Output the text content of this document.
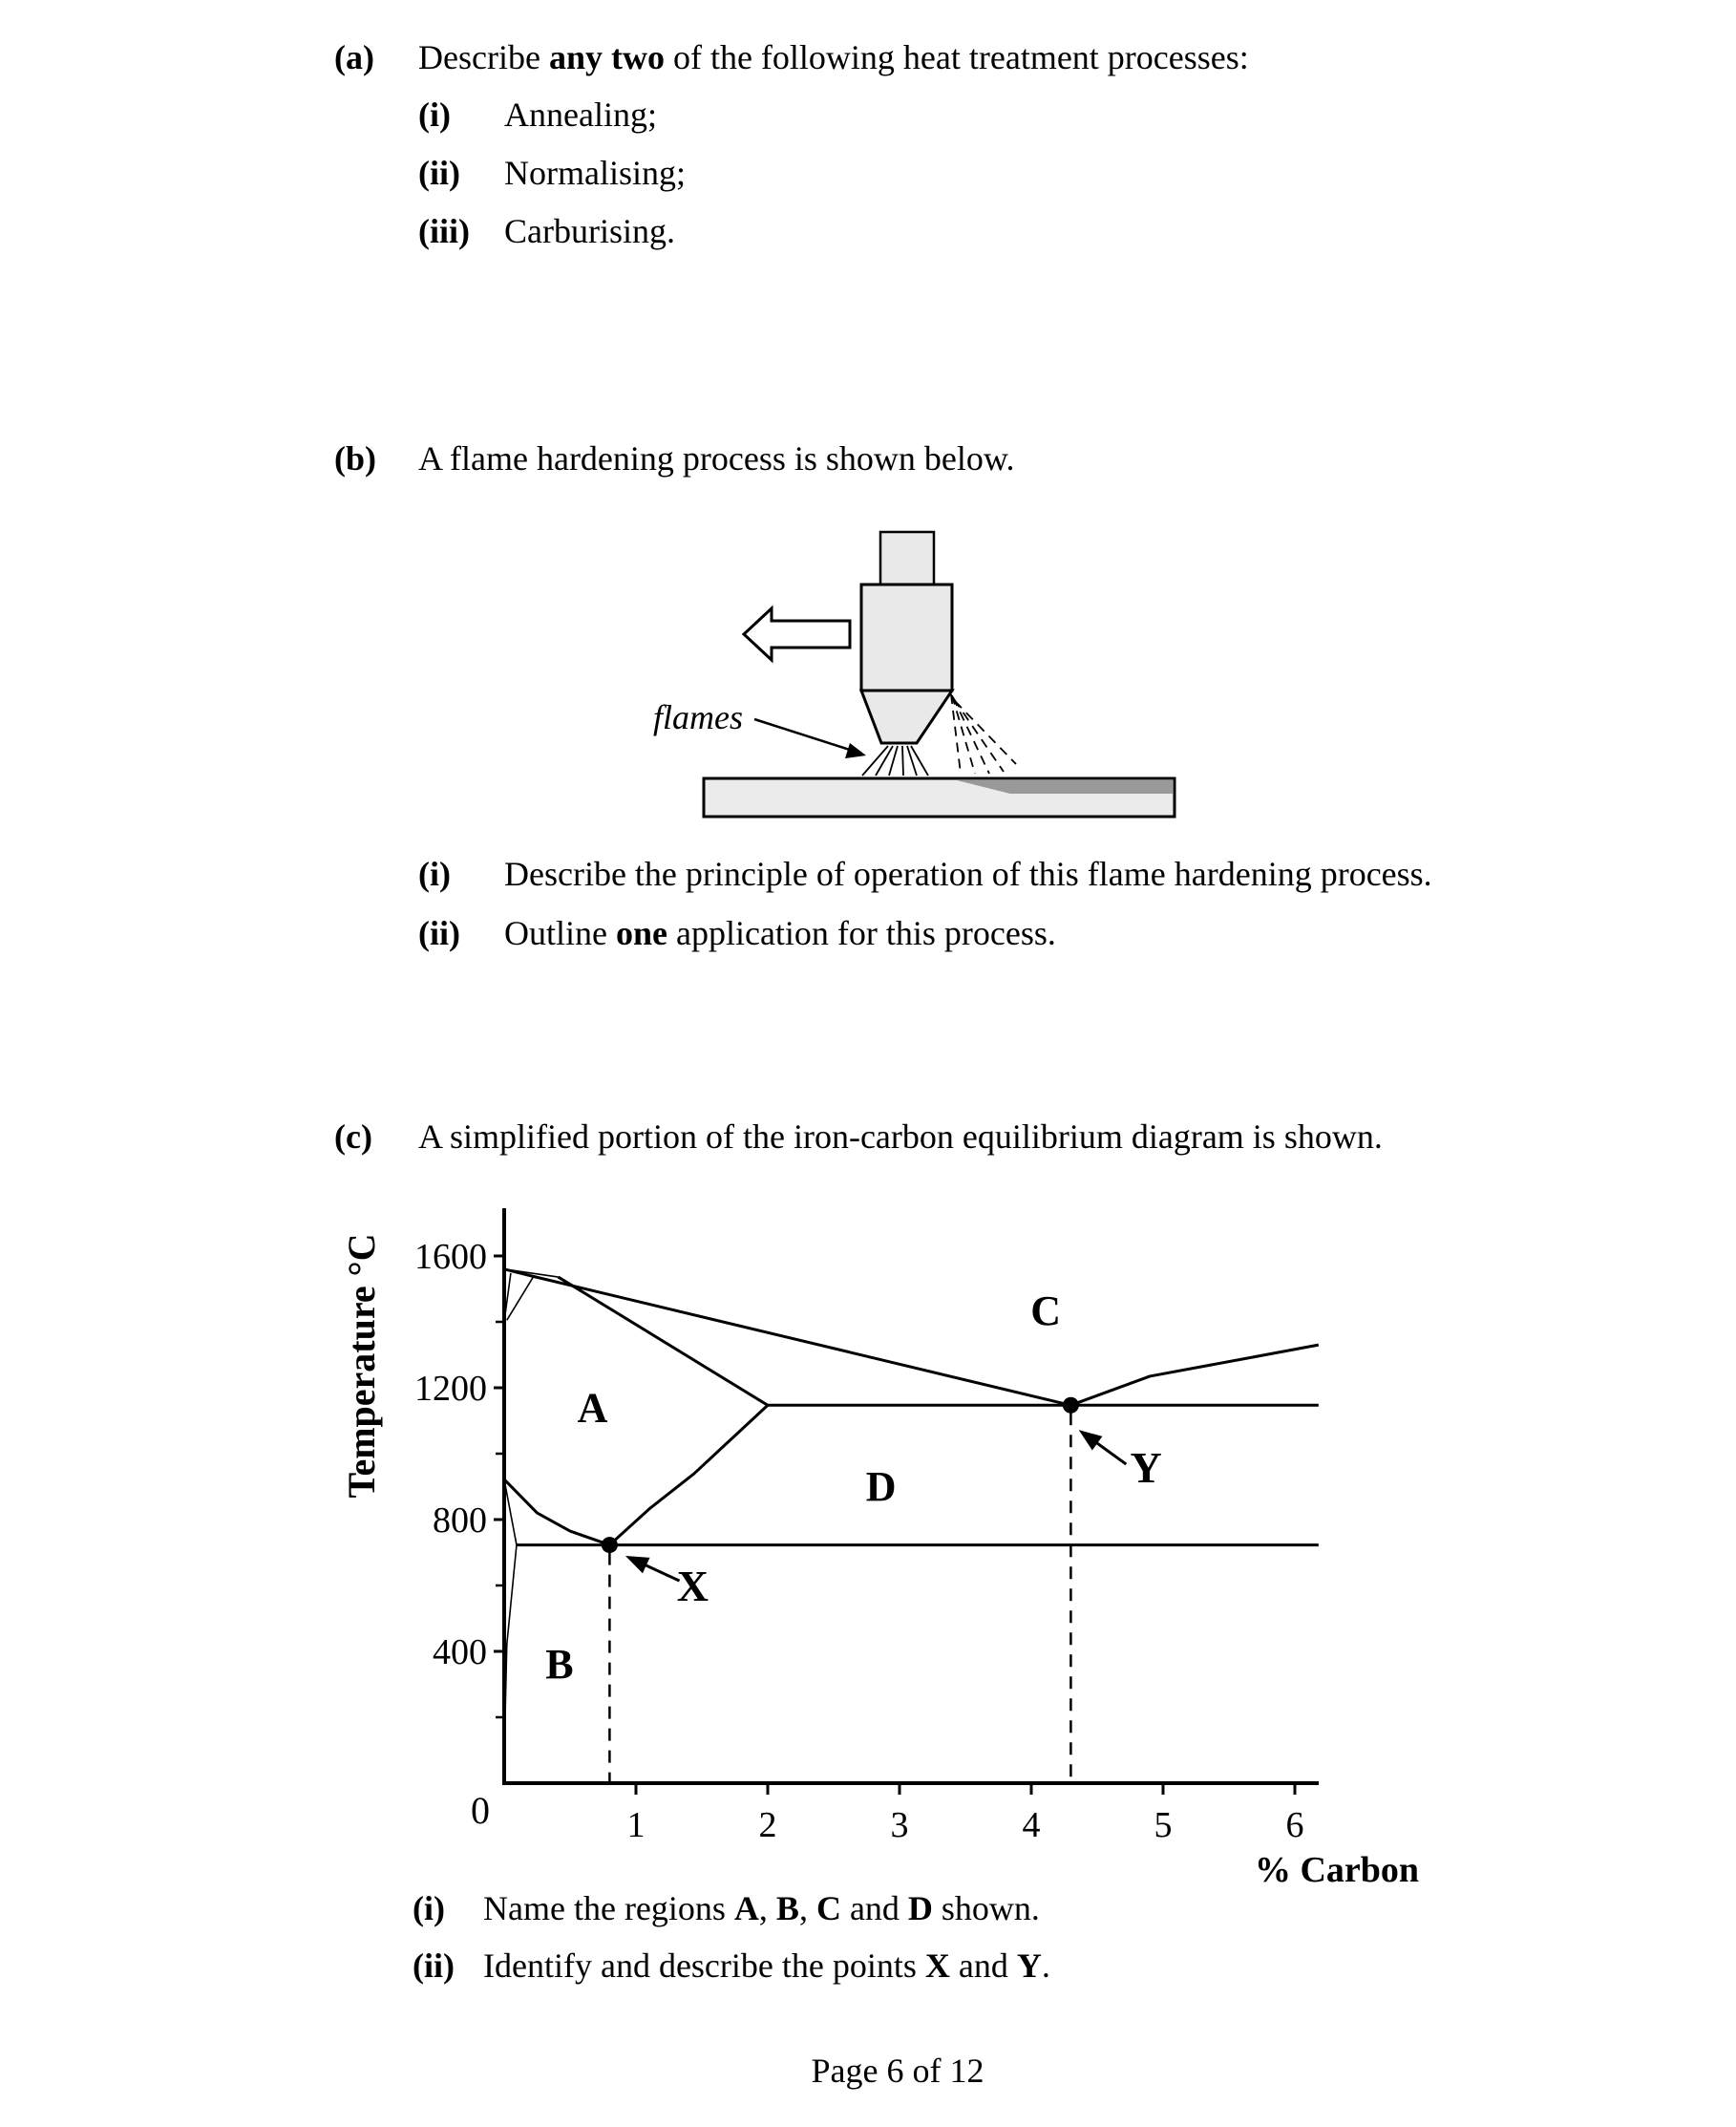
(a) Describe any two of the following heat treatment processes:
(i) Annealing;
(ii) Normalising;
(iii) Carburising.
(b) A flame hardening process is shown below.
flames
(i) Describe the principle of operation of this flame hardening process.
(ii) Outline one application for this process.
(c) A simplified portion of the iron-carbon equilibrium diagram is shown.
1600
1200
800
400
1	2	3	4	5	6
0
% Carbon
Temperature °C
X
Y
A
B
C
D
(i) Name the regions A, B, C and D shown.
(ii) Identify and describe the points X and Y.
Page 6 of 12
